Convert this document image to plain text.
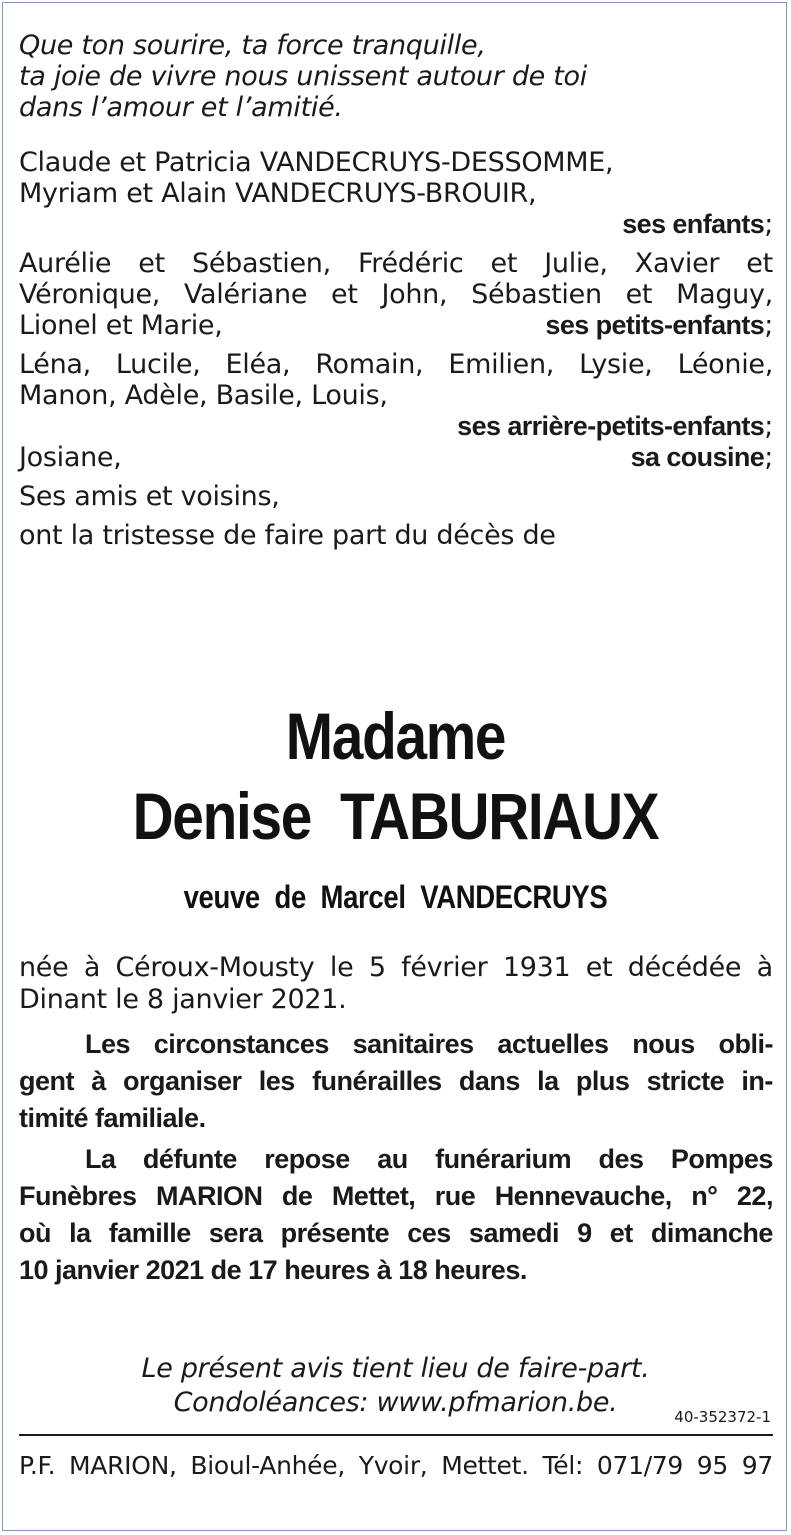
Que ton sourire, ta force tranquille,
ta joie de vivre nous unissent autour de toi
dans l’amour et l’amitié.
Claude et Patricia VANDECRUYS-DESSOMME,
Myriam et Alain VANDECRUYS-BROUIR,
ses enfants;
Aurélie et Sébastien, Frédéric et Julie, Xavier et
Véronique, Valériane et John, Sébastien et Maguy,
Lionel et Marie,	ses petits-enfants;
Léna, Lucile, Eléa, Romain, Emilien, Lysie, Léonie,
Manon, Adèle, Basile, Louis,
ses arrière-petits-enfants;
Josiane,	sa cousine;
Ses amis et voisins,
ont la tristesse de faire part du décès de
Madame
Denise  TABURIAUX
veuve  de  Marcel  VANDECRUYS
née à Céroux-Mousty le 5 février 1931 et décédée à
Dinant le 8 janvier 2021.
Les circonstances sanitaires actuelles nous obli-
gent à organiser les funérailles dans la plus stricte in-
timité familiale.
La défunte repose au funérarium des Pompes
Funèbres MARION de Mettet, rue Hennevauche, n° 22,
où la famille sera présente ces samedi 9 et dimanche
10 janvier 2021 de 17 heures à 18 heures.
Le présent avis tient lieu de faire-part.
Condoléances: www.pfmarion.be.	40-352372-1
P.F. MARION, Bioul-Anhée, Yvoir, Mettet. Tél: 071/79 95 97
